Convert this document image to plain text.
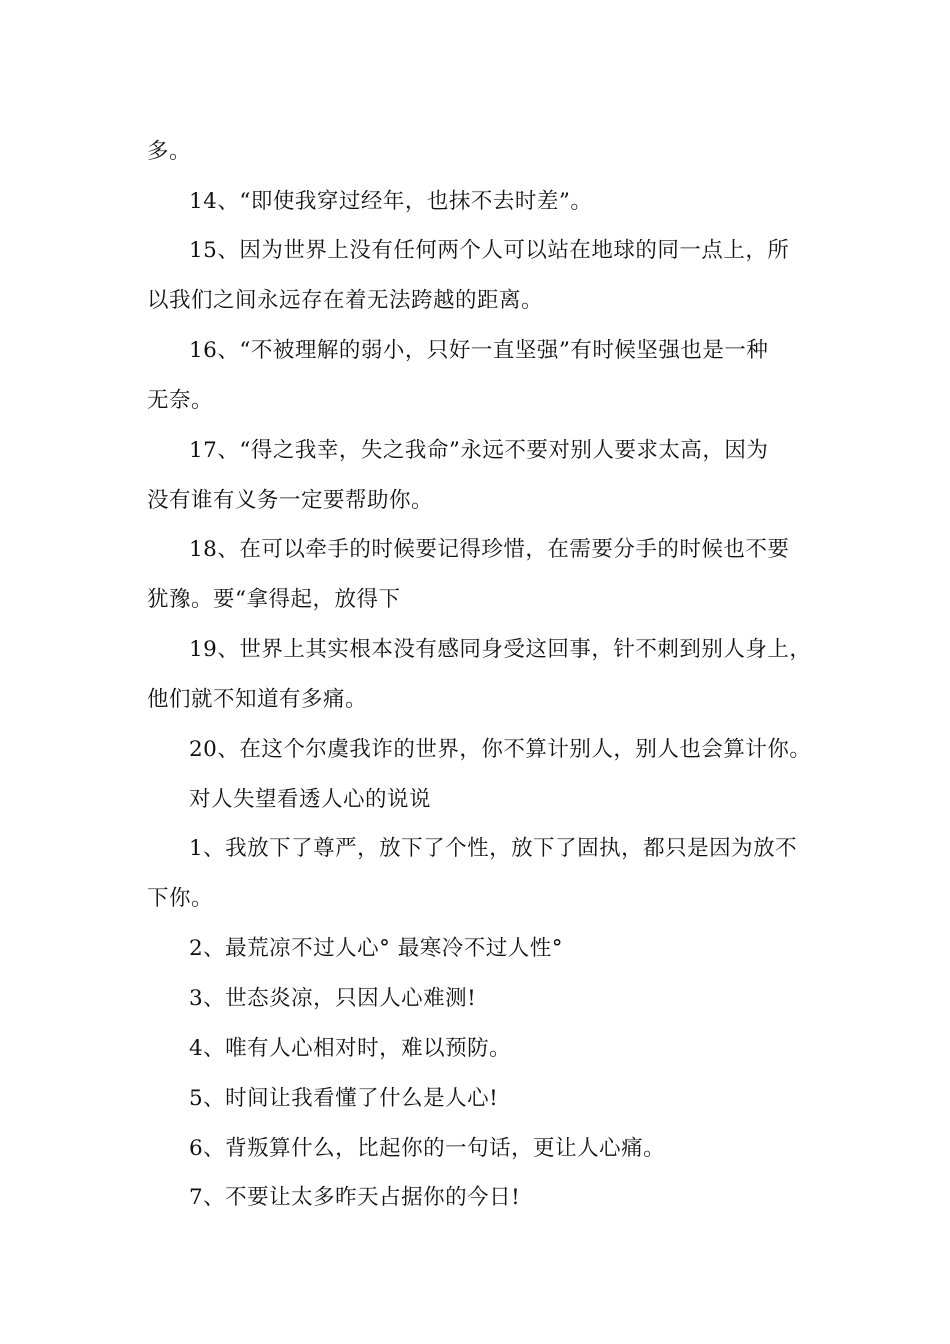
多。
14、“即使我穿过经年，也抹不去时差”。
15、因为世界上没有任何两个人可以站在地球的同一点上，所
以我们之间永远存在着无法跨越的距离。
16、“不被理解的弱小，只好一直坚强”有时候坚强也是一种
无奈。
17、“得之我幸，失之我命”永远不要对别人要求太高，因为
没有谁有义务一定要帮助你。
18、在可以牵手的时候要记得珍惜，在需要分手的时候也不要
犹豫。要“拿得起，放得下
19、世界上其实根本没有感同身受这回事，针不刺到别人身上，
他们就不知道有多痛。
20、在这个尔虞我诈的世界，你不算计别人，别人也会算计你。
对人失望看透人心的说说
1、我放下了尊严，放下了个性，放下了固执，都只是因为放不
下你。
2、最荒凉不过人心° 最寒冷不过人性°
3、世态炎凉，只因人心难测!
4、唯有人心相对时，难以预防。
5、时间让我看懂了什么是人心!
6、背叛算什么，比起你的一句话，更让人心痛。
7、不要让太多昨天占据你的今日!
